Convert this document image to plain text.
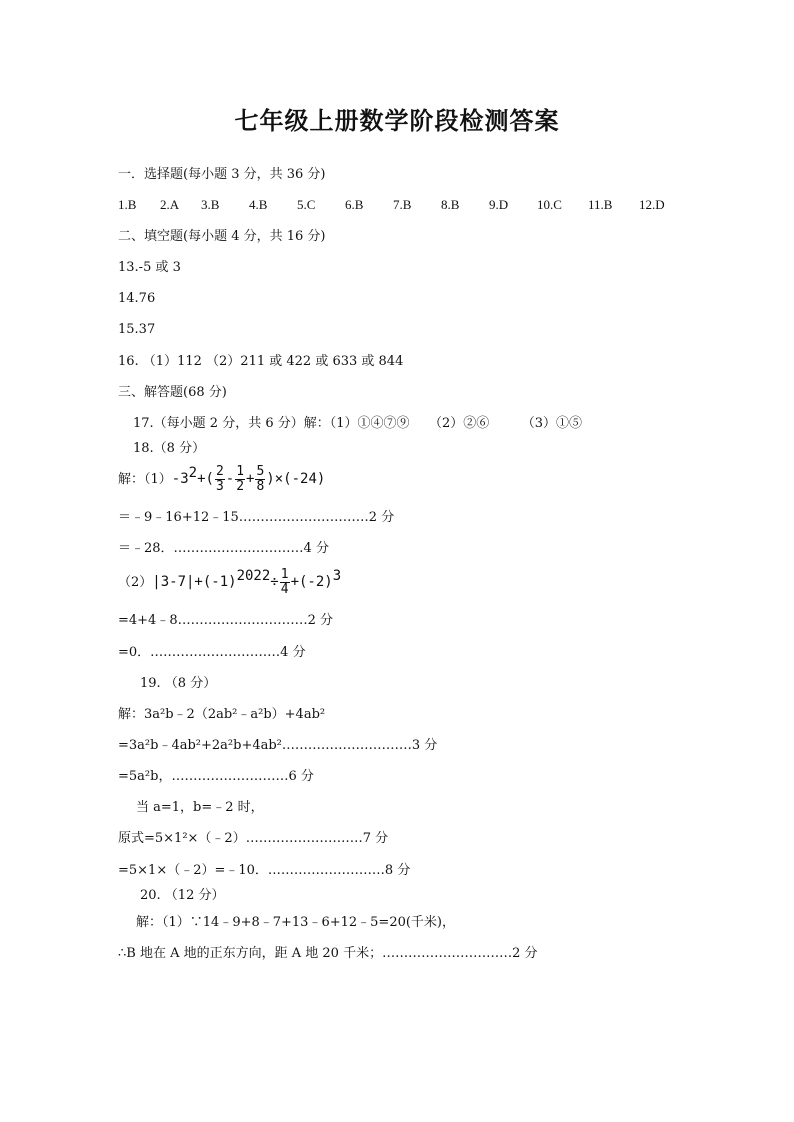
七年级上册数学阶段检测答案
一．选择题(每小题 3 分，共 36 分)
1.B 2.A 3.B 4.B 5.C 6.B 7.B 8.B 9.D 10.C 11.B 12.D
二、填空题(每小题 4 分，共 16 分)
13.-5 或 3
14.76
15.37
16. （1）112 （2）211 或 422 或 633 或 844
三、解答题(68 分)
17.（每小题 2 分，共 6 分）解：（1）①④⑦⑨　　（2）②⑥　　　（3）①⑤
18.（8 分）
解：$(1)-3^2+( \frac{2}{3} - \frac{1}{2} + \frac{5}{8} )\times(-24)$
＝﹣9﹣16+12﹣15…………………………2 分
＝﹣28．…………………………4 分
$(2)|3-7|+(-1)^{2022}\div \frac{1}{4} +(-2)^3$
=4+4﹣8…………………………2 分
=0．…………………………4 分
19. （8 分）
解：3a²b﹣2（2ab²﹣a²b）+4ab²
=3a²b﹣4ab²+2a²b+4ab²…………………………3 分
=5a²b，………………………6 分
当 a=1，b=﹣2 时，
原式=5×1²×（﹣2）………………………7 分
=5×1×（﹣2）=﹣10．………………………8 分
20. （12 分）
解：（1）∵14﹣9+8﹣7+13﹣6+12﹣5=20(千米)，
∴B 地在 A 地的正东方向，距 A 地 20 千米；…………………………2 分
